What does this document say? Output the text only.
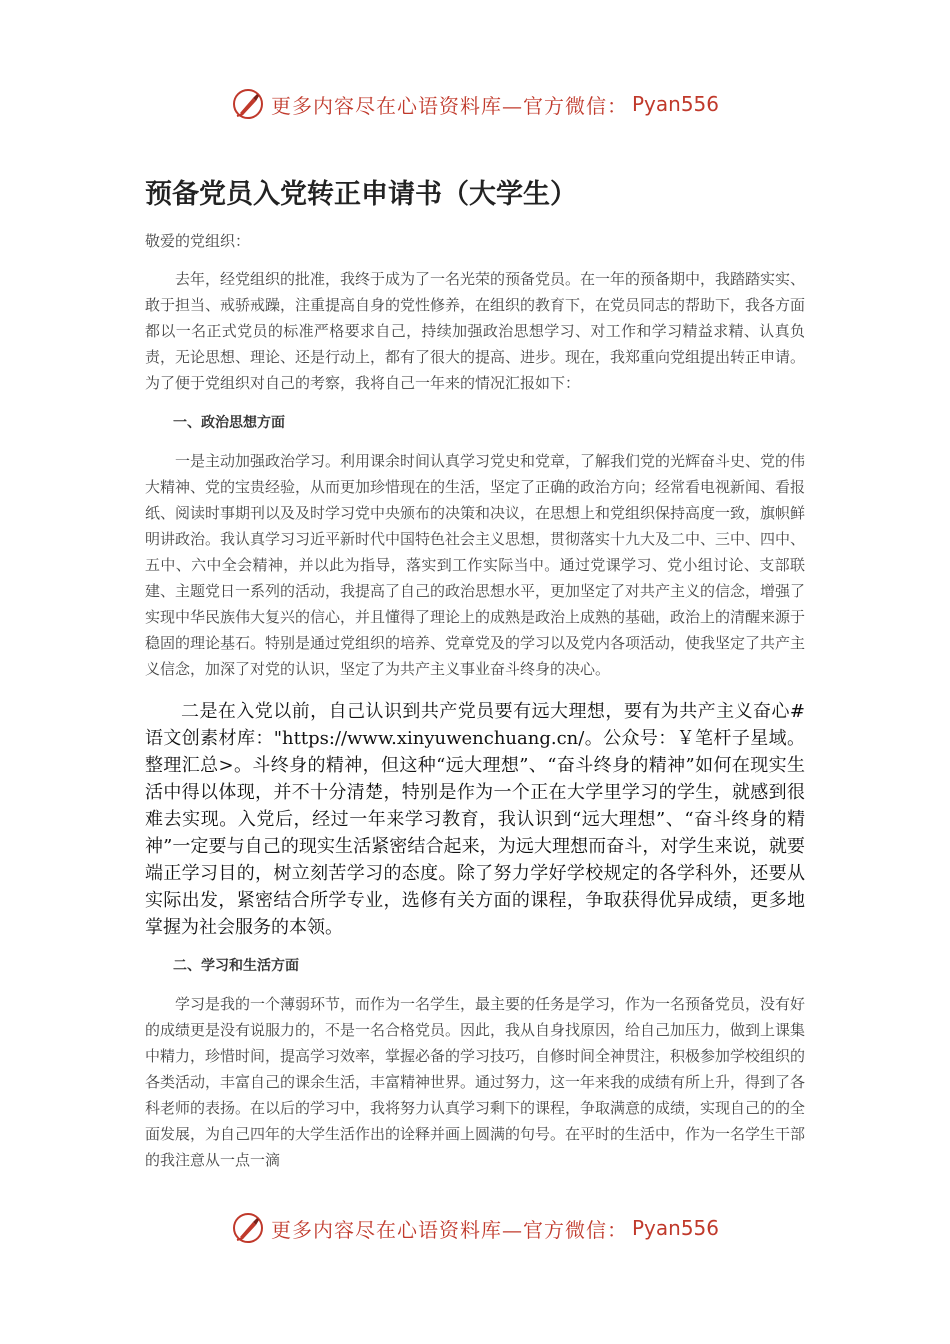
更多内容尽在心语资料库—官方微信： Pyan556
预备党员入党转正申请书（大学生）

敬爱的党组织：

去年，经党组织的批准，我终于成为了一名光荣的预备党员。在一年的预备期中，我踏踏实实、敢于担当、戒骄戒躁，注重提高自身的党性修养，在组织的教育下，在党员同志的帮助下，我各方面都以一名正式党员的标准严格要求自己，持续加强政治思想学习、对工作和学习精益求精、认真负责，无论思想、理论、还是行动上，都有了很大的提高、进步。现在，我郑重向党组提出转正申请。为了便于党组织对自己的考察，我将自己一年来的情况汇报如下：

一、政治思想方面

一是主动加强政治学习。利用课余时间认真学习党史和党章，了解我们党的光辉奋斗史、党的伟大精神、党的宝贵经验，从而更加珍惜现在的生活，坚定了正确的政治方向；经常看电视新闻、看报纸、阅读时事期刊以及及时学习党中央颁布的决策和决议，在思想上和党组织保持高度一致，旗帜鲜明讲政治。我认真学习习近平新时代中国特色社会主义思想，贯彻落实十九大及二中、三中、四中、五中、六中全会精神，并以此为指导，落实到工作实际当中。通过党课学习、党小组讨论、支部联建、主题党日一系列的活动，我提高了自己的政治思想水平，更加坚定了对共产主义的信念，增强了实现中华民族伟大复兴的信心，并且懂得了理论上的成熟是政治上成熟的基础，政治上的清醒来源于稳固的理论基石。特别是通过党组织的培养、党章党及的学习以及党内各项活动，使我坚定了共产主义信念，加深了对党的认识，坚定了为共产主义事业奋斗终身的决心。

二是在入党以前，自己认识到共产党员要有远大理想，要有为共产主义奋心#语文创素材库："https://www.xinyuwenchuang.cn/。公众号：￥笔杆子星域。整理汇总>。斗终身的精神，但这种“远大理想”、“奋斗终身的精神”如何在现实生活中得以体现，并不十分清楚，特别是作为一个正在大学里学习的学生，就感到很难去实现。入党后，经过一年来学习教育，我认识到“远大理想”、“奋斗终身的精神”一定要与自己的现实生活紧密结合起来，为远大理想而奋斗，对学生来说，就要端正学习目的，树立刻苦学习的态度。除了努力学好学校规定的各学科外，还要从实际出发，紧密结合所学专业，选修有关方面的课程，争取获得优异成绩，更多地掌握为社会服务的本领。

二、学习和生活方面

学习是我的一个薄弱环节，而作为一名学生，最主要的任务是学习，作为一名预备党员，没有好的成绩更是没有说服力的，不是一名合格党员。因此，我从自身找原因，给自己加压力，做到上课集中精力，珍惜时间，提高学习效率，掌握必备的学习技巧，自修时间全神贯注，积极参加学校组织的各类活动，丰富自己的课余生活，丰富精神世界。通过努力，这一年来我的成绩有所上升，得到了各科老师的表扬。在以后的学习中，我将努力认真学习剩下的课程，争取满意的成绩，实现自己的的全面发展，为自己四年的大学生活作出的诠释并画上圆满的句号。在平时的生活中，作为一名学生干部的我注意从一点一滴

更多内容尽在心语资料库—官方微信： Pyan556
